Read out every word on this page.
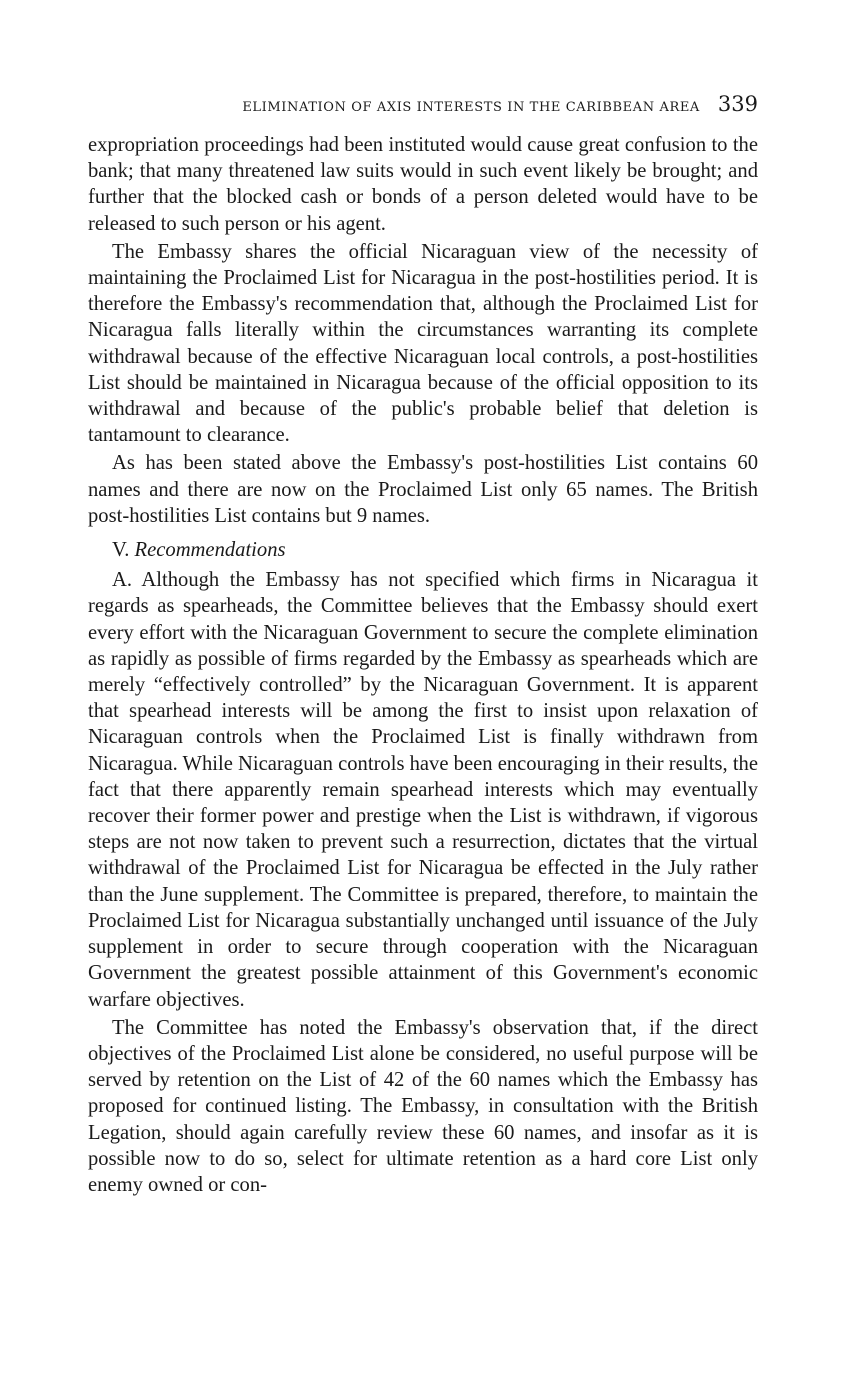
ELIMINATION OF AXIS INTERESTS IN THE CARIBBEAN AREA 339

expropriation proceedings had been instituted would cause great confusion to the bank; that many threatened law suits would in such event likely be brought; and further that the blocked cash or bonds of a person deleted would have to be released to such person or his agent.

The Embassy shares the official Nicaraguan view of the necessity of maintaining the Proclaimed List for Nicaragua in the post-hostilities period. It is therefore the Embassy's recommendation that, although the Proclaimed List for Nicaragua falls literally within the circumstances warranting its complete withdrawal because of the effective Nicaraguan local controls, a post-hostilities List should be maintained in Nicaragua because of the official opposition to its withdrawal and because of the public's probable belief that deletion is tantamount to clearance.

As has been stated above the Embassy's post-hostilities List contains 60 names and there are now on the Proclaimed List only 65 names. The British post-hostilities List contains but 9 names.

V. Recommendations

A. Although the Embassy has not specified which firms in Nicaragua it regards as spearheads, the Committee believes that the Embassy should exert every effort with the Nicaraguan Government to secure the complete elimination as rapidly as possible of firms regarded by the Embassy as spearheads which are merely “effectively controlled” by the Nicaraguan Government. It is apparent that spearhead interests will be among the first to insist upon relaxation of Nicaraguan controls when the Proclaimed List is finally withdrawn from Nicaragua. While Nicaraguan controls have been encouraging in their results, the fact that there apparently remain spearhead interests which may eventually recover their former power and prestige when the List is withdrawn, if vigorous steps are not now taken to prevent such a resurrection, dictates that the virtual withdrawal of the Proclaimed List for Nicaragua be effected in the July rather than the June supplement. The Committee is prepared, therefore, to maintain the Proclaimed List for Nicaragua substantially unchanged until issuance of the July supplement in order to secure through cooperation with the Nicaraguan Government the greatest possible attainment of this Government's economic warfare objectives.

The Committee has noted the Embassy's observation that, if the direct objectives of the Proclaimed List alone be considered, no useful purpose will be served by retention on the List of 42 of the 60 names which the Embassy has proposed for continued listing. The Embassy, in consultation with the British Legation, should again carefully review these 60 names, and insofar as it is possible now to do so, select for ultimate retention as a hard core List only enemy owned or con-
